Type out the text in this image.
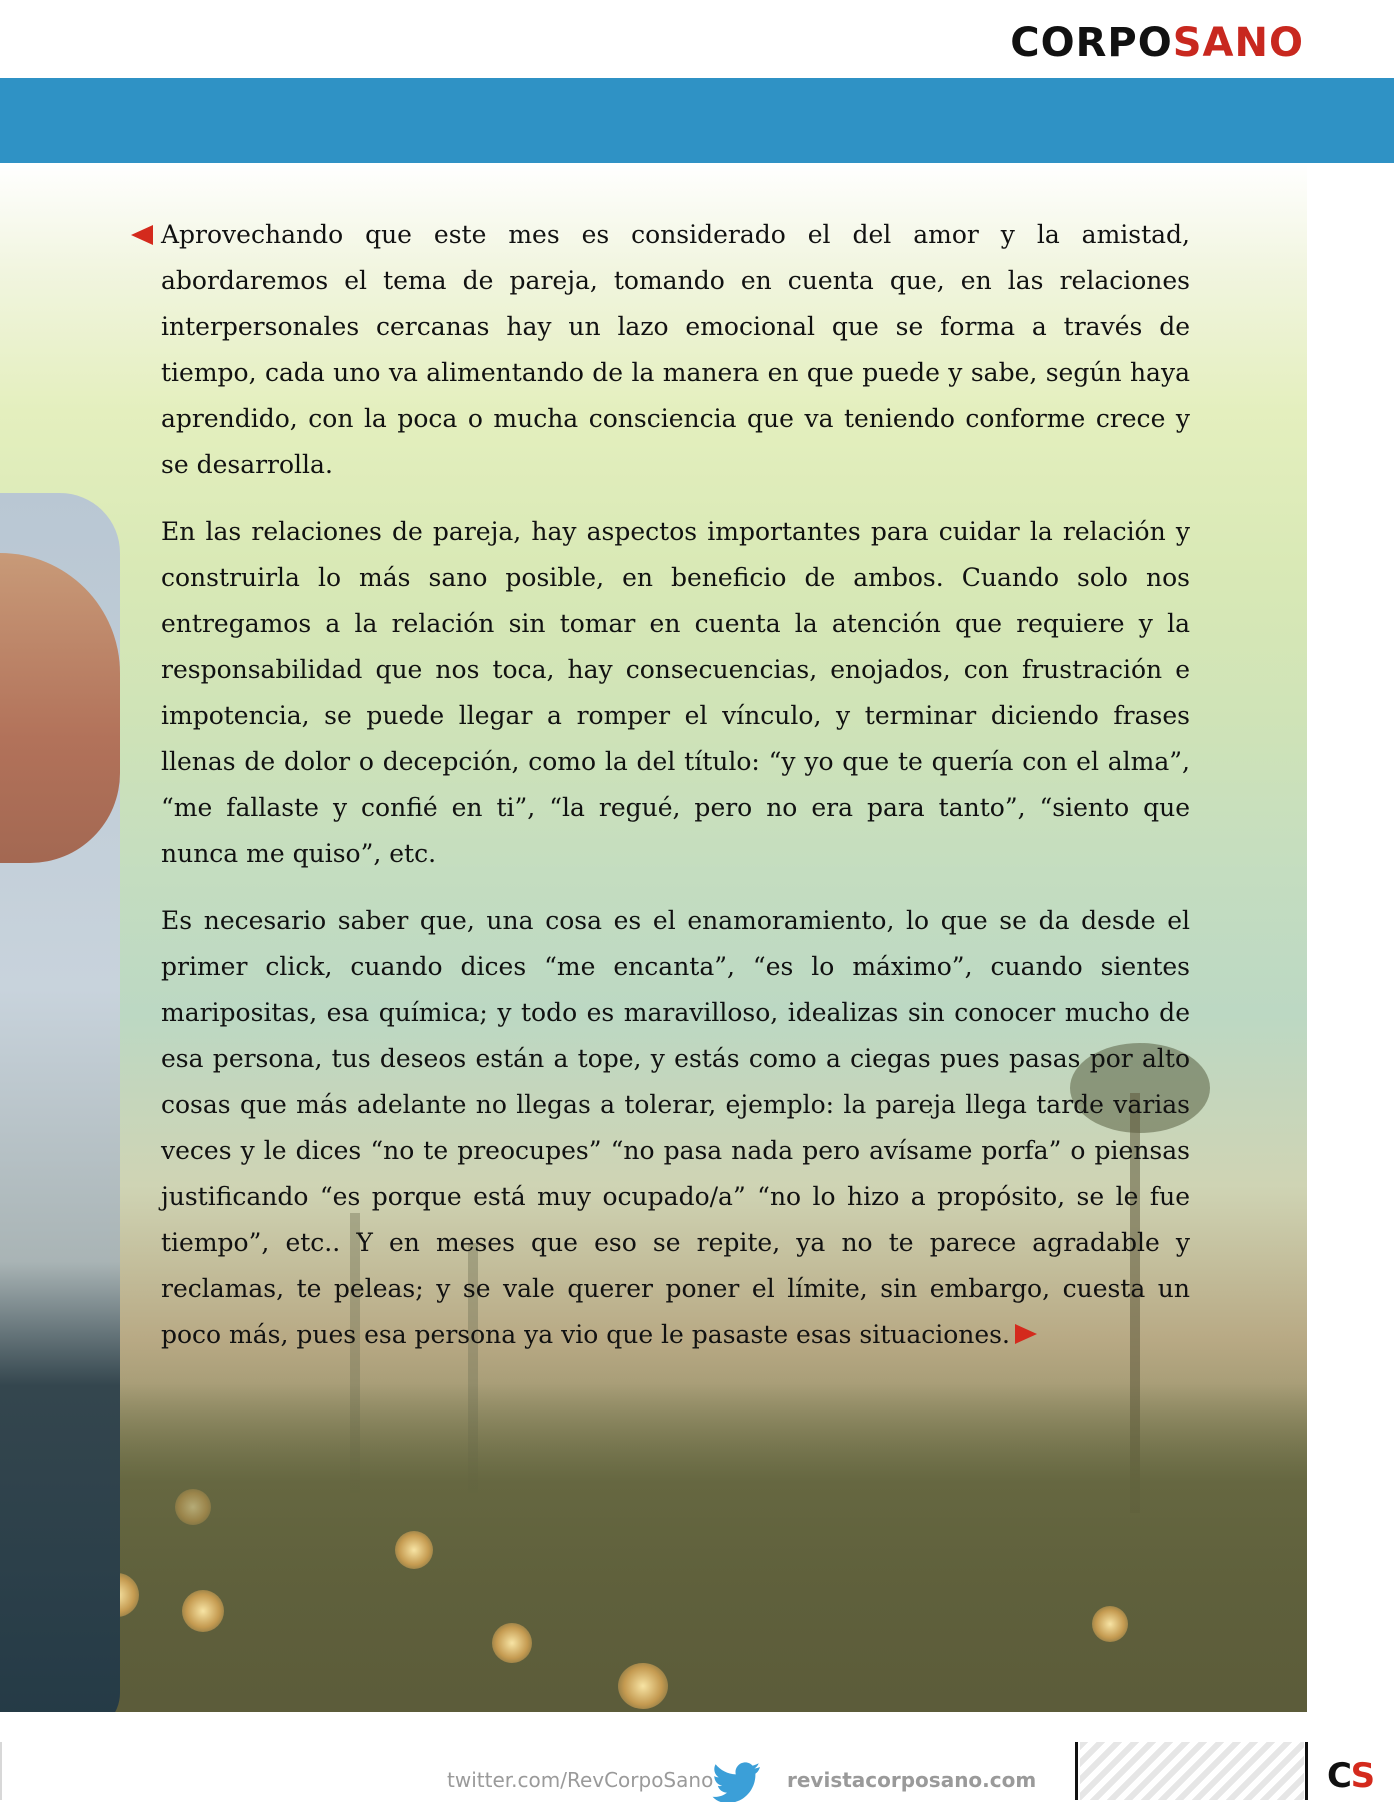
CORPOSANO

Aprovechando que este mes es considerado el del amor y la amistad, abordaremos el tema de pareja, tomando en cuenta que, en las relaciones interpersonales cercanas hay un lazo emocional que se forma a través de tiempo, cada uno va alimentando de la manera en que puede y sabe, según haya aprendido, con la poca o mucha consciencia que va teniendo conforme crece y se desarrolla.

En las relaciones de pareja, hay aspectos importantes para cuidar la relación y construirla lo más sano posible, en beneficio de ambos. Cuando solo nos entregamos a la relación sin tomar en cuenta la atención que requiere y la responsabilidad que nos toca, hay consecuencias, enojados, con frustración e impotencia, se puede llegar a romper el vínculo, y terminar diciendo frases llenas de dolor o decepción, como la del título: “y yo que te quería con el alma”, “me fallaste y confié en ti”, “la regué, pero no era para tanto”, “siento que nunca me quiso”, etc.

Es necesario saber que, una cosa es el enamoramiento, lo que se da desde el primer click, cuando dices “me encanta”, “es lo máximo”, cuando sientes maripositas, esa química; y todo es maravilloso, idealizas sin conocer mucho de esa persona, tus deseos están a tope, y estás como a ciegas pues pasas por alto cosas que más adelante no llegas a tolerar, ejemplo: la pareja llega tarde varias veces y le dices “no te preocupes” “no pasa nada pero avísame porfa” o piensas justificando “es porque está muy ocupado/a” “no lo hizo a propósito, se le fue tiempo”, etc.. Y en meses que eso se repite, ya no te parece agradable y reclamas, te peleas; y se vale querer poner el límite, sin embargo, cuesta un poco más, pues esa persona ya vio que le pasaste esas situaciones.

twitter.com/RevCorpoSano	revistacorposano.com	CS
